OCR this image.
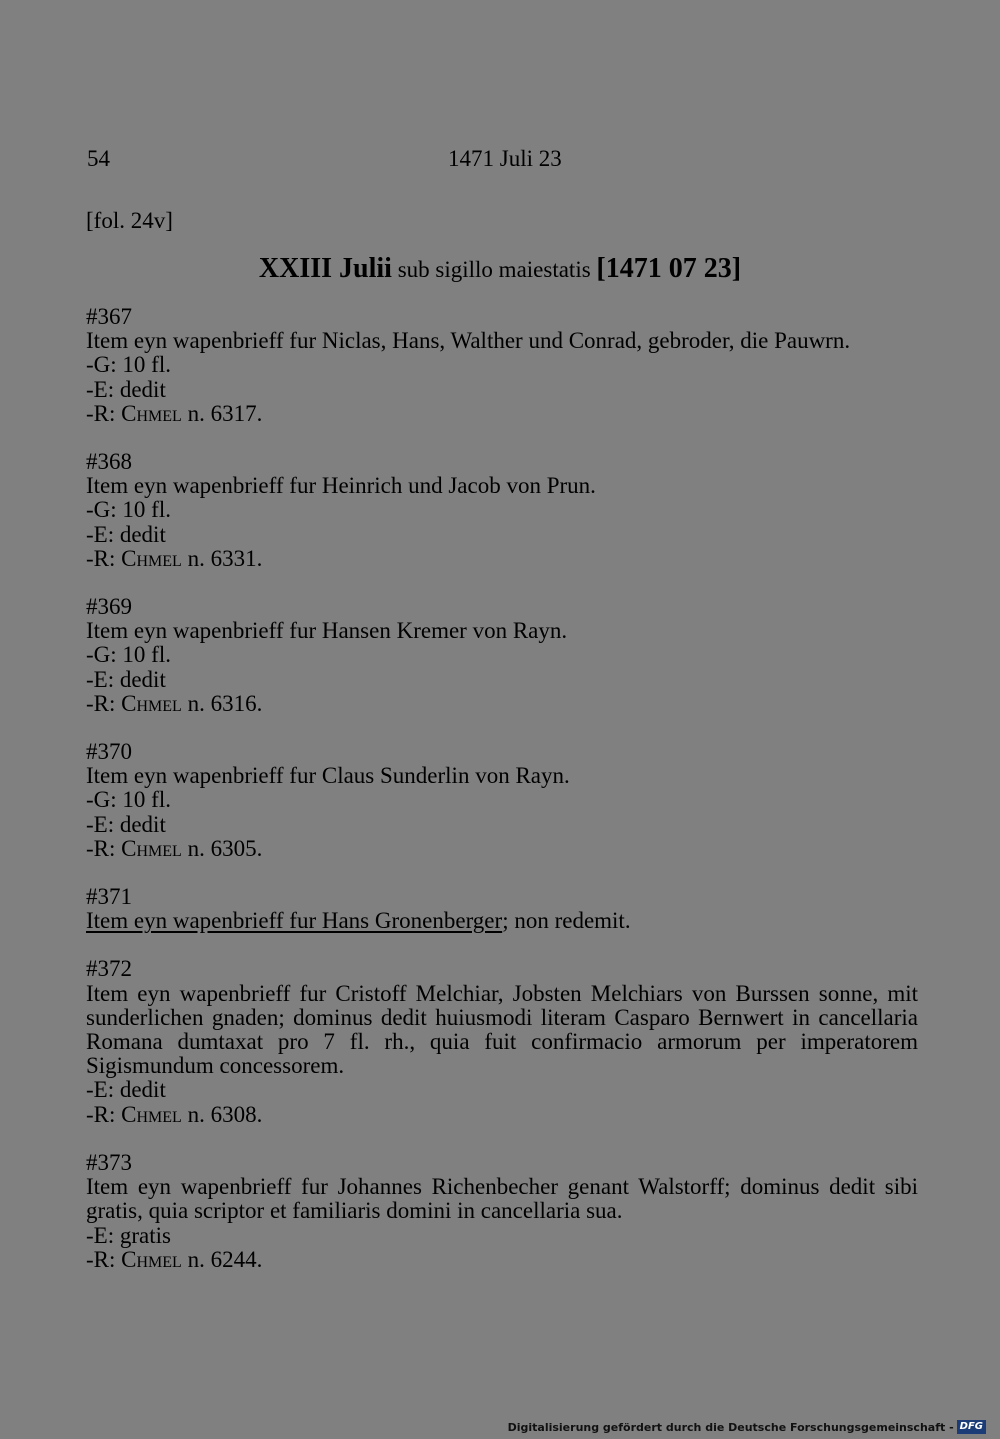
54	1471 Juli 23
[fol. 24v]
XXIII Julii sub sigillo maiestatis [1471 07 23]
#367
Item eyn wapenbrieff fur Niclas, Hans, Walther und Conrad, gebroder, die Pauwrn.
-G: 10 fl.
-E: dedit
-R: Chmel n. 6317.
#368
Item eyn wapenbrieff fur Heinrich und Jacob von Prun.
-G: 10 fl.
-E: dedit
-R: Chmel n. 6331.
#369
Item eyn wapenbrieff fur Hansen Kremer von Rayn.
-G: 10 fl.
-E: dedit
-R: Chmel n. 6316.
#370
Item eyn wapenbrieff fur Claus Sunderlin von Rayn.
-G: 10 fl.
-E: dedit
-R: Chmel n. 6305.
#371
Item eyn wapenbrieff fur Hans Gronenberger; non redemit.
#372
Item eyn wapenbrieff fur Cristoff Melchiar, Jobsten Melchiars von Burssen sonne, mit sunderlichen gnaden; dominus dedit huiusmodi literam Casparo Bernwert in cancellaria Romana dumtaxat pro 7 fl. rh., quia fuit confirmacio armorum per imperatorem Sigismundum concessorem.
-E: dedit
-R: Chmel n. 6308.
#373
Item eyn wapenbrieff fur Johannes Richenbecher genant Walstorff; dominus dedit sibi gratis, quia scriptor et familiaris domini in cancellaria sua.
-E: gratis
-R: Chmel n. 6244.
Digitalisierung gefördert durch die Deutsche Forschungsgemeinschaft - DFG
